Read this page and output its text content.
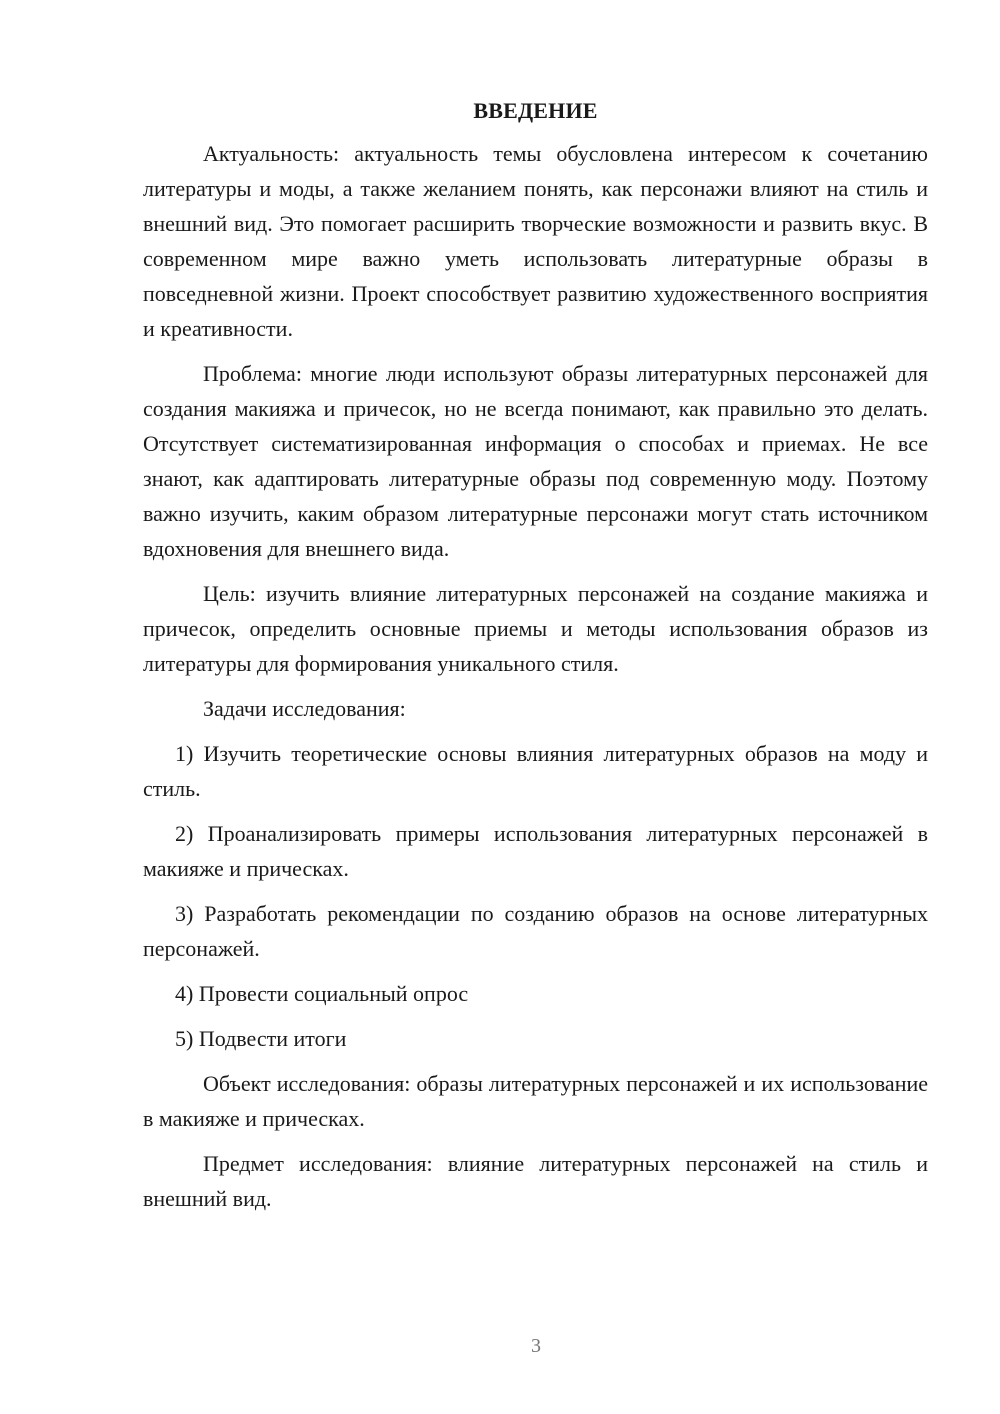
ВВЕДЕНИЕ

Актуальность: актуальность темы обусловлена интересом к сочетанию литературы и моды, а также желанием понять, как персонажи влияют на стиль и внешний вид. Это помогает расширить творческие возможности и развить вкус. В современном мире важно уметь использовать литературные образы в повседневной жизни. Проект способствует развитию художественного восприятия и креативности.

Проблема: многие люди используют образы литературных персонажей для создания макияжа и причесок, но не всегда понимают, как правильно это делать. Отсутствует систематизированная информация о способах и приемах. Не все знают, как адаптировать литературные образы под современную моду. Поэтому важно изучить, каким образом литературные персонажи могут стать источником вдохновения для внешнего вида.

Цель: изучить влияние литературных персонажей на создание макияжа и причесок, определить основные приемы и методы использования образов из литературы для формирования уникального стиля.

Задачи исследования:

1) Изучить теоретические основы влияния литературных образов на моду и стиль.

2) Проанализировать примеры использования литературных персонажей в макияже и прическах.

3) Разработать рекомендации по созданию образов на основе литературных персонажей.

4) Провести социальный опрос

5) Подвести итоги

Объект исследования: образы литературных персонажей и их использование в макияже и прическах.

Предмет исследования: влияние литературных персонажей на стиль и внешний вид.

3
